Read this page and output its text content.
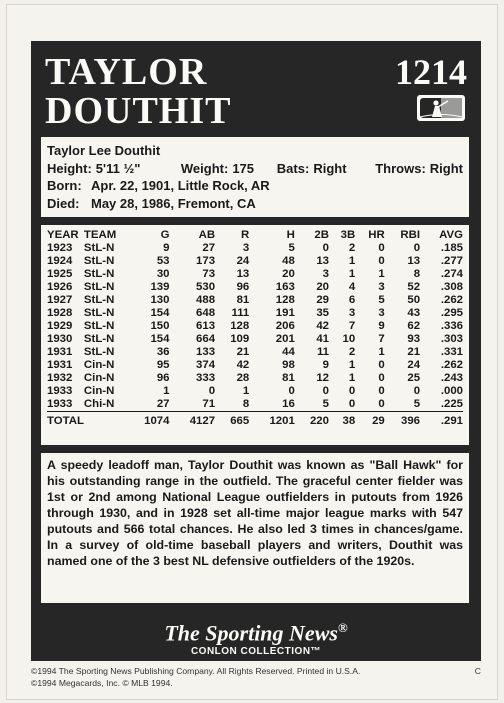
TAYLOR
DOUTHIT
1214
Taylor Lee Douthit
Height: 5'11 ½"	Weight: 175	Bats: Right	Throws: Right
Born: Apr. 22, 1901, Little Rock, AR
Died: May 28, 1986, Fremont, CA
YEAR	TEAM	G	AB	R	H	2B	3B	HR	RBI	AVG
1923	StL-N	9	27	3	5	0	2	0	0	.185
1924	StL-N	53	173	24	48	13	1	0	13	.277
1925	StL-N	30	73	13	20	3	1	1	8	.274
1926	StL-N	139	530	96	163	20	4	3	52	.308
1927	StL-N	130	488	81	128	29	6	5	50	.262
1928	StL-N	154	648	111	191	35	3	3	43	.295
1929	StL-N	150	613	128	206	42	7	9	62	.336
1930	StL-N	154	664	109	201	41	10	7	93	.303
1931	StL-N	36	133	21	44	11	2	1	21	.331
1931	Cin-N	95	374	42	98	9	1	0	24	.262
1932	Cin-N	96	333	28	81	12	1	0	25	.243
1933	Cin-N	1	0	1	0	0	0	0	0	.000
1933	Chi-N	27	71	8	16	5	0	0	5	.225
TOTAL		1074	4127	665	1201	220	38	29	396	.291
A speedy leadoff man, Taylor Douthit was known as "Ball Hawk" for his outstanding range in the outfield. The graceful center fielder was 1st or 2nd among National League outfielders in putouts from 1926 through 1930, and in 1928 set all-time major league marks with 547 putouts and 566 total chances. He also led 3 times in chances/game. In a survey of old-time baseball players and writers, Douthit was named one of the 3 best NL defensive outfielders of the 1920s.
The Sporting News®
CONLON COLLECTION™
©1994 The Sporting News Publishing Company. All Rights Reserved. Printed in U.S.A.
©1994 Megacards, Inc. © MLB 1994.
C
